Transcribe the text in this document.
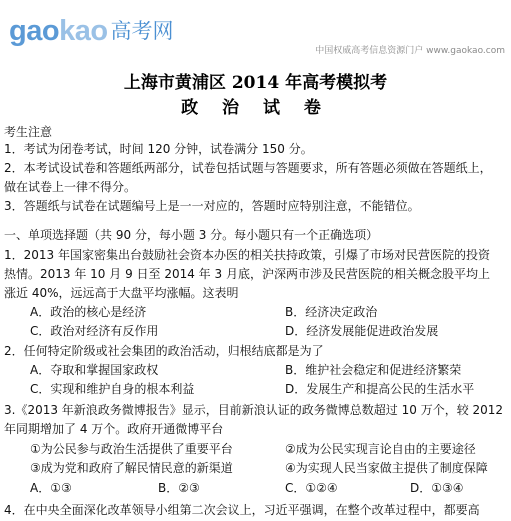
gaokao 高考网
中国权威高考信息资源门户 www.gaokao.com
上海市黄浦区 2014 年高考模拟考
政 治 试 卷
考生注意
1．考试为闭卷考试，时间 120 分钟，试卷满分 150 分。
2．本考试设试卷和答题纸两部分，试卷包括试题与答题要求，所有答题必须做在答题纸上，
做在试卷上一律不得分。
3．答题纸与试卷在试题编号上是一一对应的，答题时应特别注意，不能错位。
一、单项选择题（共 90 分，每小题 3 分。每小题只有一个正确选项）
1．2013 年国家密集出台鼓励社会资本办医的相关扶持政策，引爆了市场对民营医院的投资
热情。2013 年 10 月 9 日至 2014 年 3 月底，沪深两市涉及民营医院的相关概念股平均上
涨近 40%，远远高于大盘平均涨幅。这表明
A．政治的核心是经济	B．经济决定政治
C．政治对经济有反作用	D．经济发展能促进政治发展
2．任何特定阶级或社会集团的政治活动，归根结底都是为了
A．夺取和掌握国家政权	B．维护社会稳定和促进经济繁荣
C．实现和维护自身的根本利益	D．发展生产和提高公民的生活水平
3.《2013 年新浪政务微博报告》显示，目前新浪认证的政务微博总数超过 10 万个，较 2012
年同期增加了 4 万个。政府开通微博平台
①为公民参与政治生活提供了重要平台	②成为公民实现言论自由的主要途径
③成为党和政府了解民情民意的新渠道	④为实现人民当家做主提供了制度保障
A．①③	B．②③	C．①②④	D．①③④
4．在中央全面深化改革领导小组第二次会议上，习近平强调，在整个改革过程中，都要高
